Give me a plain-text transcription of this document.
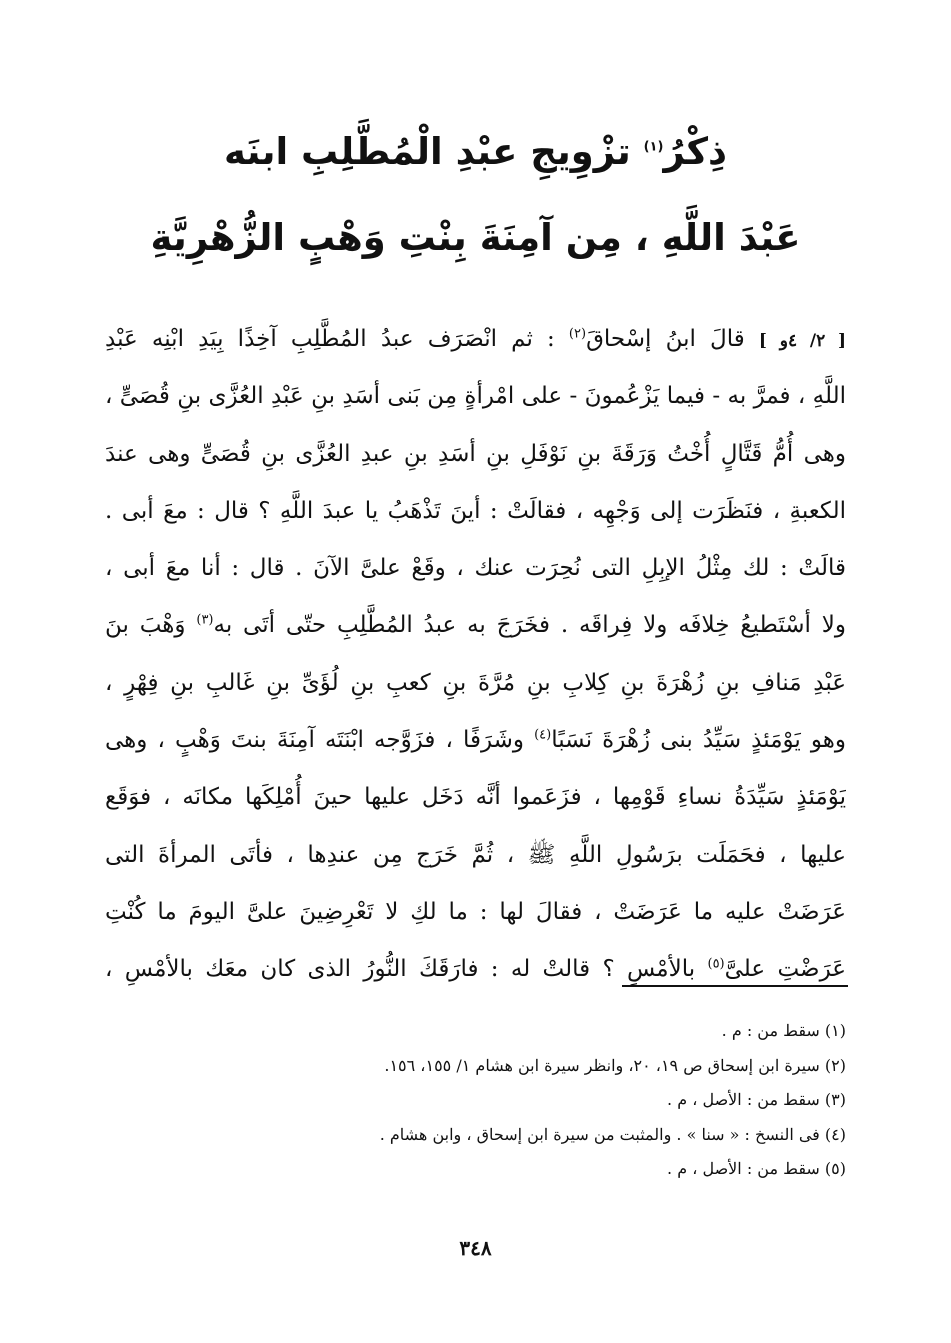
ذِكْرُ$^{(١)}$ تزْوِيجِ عبْدِ الْمُطَّلِبِ ابنَه
عَبْدَ اللَّهِ ، مِن آمِنَةَ بِنْتِ وَهْبٍ الزُّهْرِيَّةِ
[ ٢/ ٤و ] قالَ ابنُ إسْحاقَ$^{(٢)}$ : ثم انْصَرَف عبدُ المُطَّلِبِ آخِذًا بِيَدِ ابْنِه عَبْدِ
اللَّهِ ، فمرَّ به - فيما يَزْعُمونَ - على امْرأةٍ مِن بَنى أسَدِ بنِ عَبْدِ العُزَّى بنِ قُصَىٍّ ،
وهى أُمُّ قَتَّالٍ أُخْتُ وَرَقَةَ بنِ نَوْفَلِ بنِ أسَدِ بنِ عبدِ العُزَّى بنِ قُصَىٍّ وهى عندَ
الكعبةِ ، فنَظَرَت إلى وَجْهِه ، فقالَتْ : أينَ تَذْهَبُ يا عبدَ اللَّهِ ؟ قال : معَ أبى .
قالَتْ : لك مِثْلُ الإبِلِ التى نُحِرَت عنك ، وقَعْ علىَّ الآنَ . قال : أنا معَ أبى ،
ولا أسْتَطيعُ خِلافَه ولا فِراقَه . فخَرَجَ به عبدُ المُطَّلِبِ حتّى أتَى به$^{(٣)}$ وَهْبَ بنَ
عَبْدِ مَنافِ بنِ زُهْرَةَ بنِ كِلابِ بنِ مُرَّةَ بنِ كعبِ بنِ لُؤَىِّ بنِ غَالبِ بنِ فِهْرٍ ،
وهو يَوْمَئذٍ سَيِّدُ بنى زُهْرَةَ نَسَبًا$^{(٤)}$ وشَرَفًا ، فزَوَّجه ابْنَتَه آمِنَةَ بنتَ وَهْبٍ ، وهى
يَوْمَئذٍ سَيِّدَةُ نساءِ قَوْمِها ، فزَعَموا أنَّه دَخَل عليها حينَ أُمْلِكَها مكانَه ، فوَقَع
عليها ، فحَمَلَت برَسُولِ اللَّهِ ﷺ ، ثُمَّ خَرَج مِن عندِها ، فأتَى المرأةَ التى
عَرَضَتْ عليه ما عَرَضَتْ ، فقالَ لها : ما لكِ لا تَعْرِضِينَ علىَّ اليومَ ما كُنْتِ
عَرَضْتِ علىَّ$^{(٥)}$ بالأمْسِ ؟ قالتْ له : فارَقَكَ النُّورُ الذى كان معَك بالأمْسِ ،
(١) سقط من : م .
(٢) سيرة ابن إسحاق ص ١٩، ٢٠، وانظر سيرة ابن هشام ١/ ١٥٥، ١٥٦.
(٣) سقط من : الأصل ، م .
(٤) فى النسخ : « سنا » . والمثبت من سيرة ابن إسحاق ، وابن هشام .
(٥) سقط من : الأصل ، م .
٣٤٨
